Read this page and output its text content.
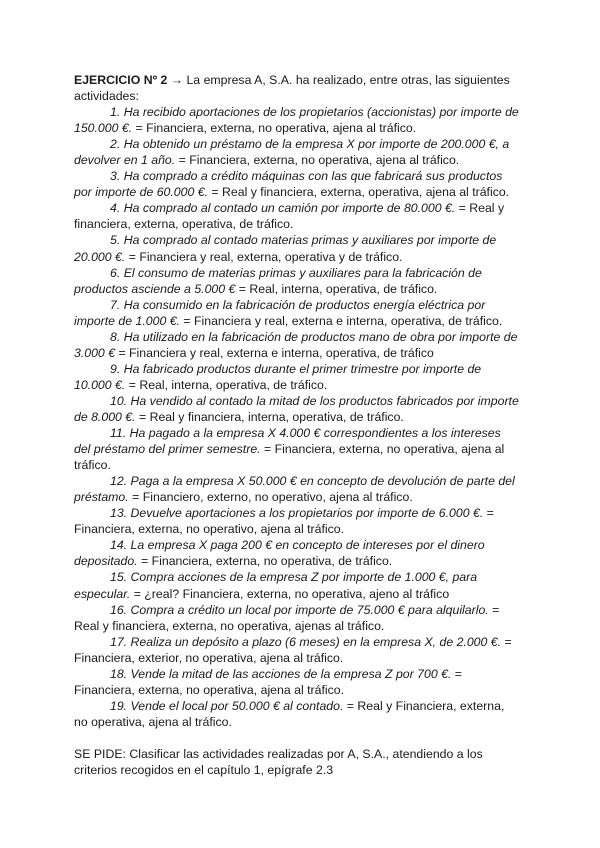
EJERCICIO Nº 2 → La empresa A, S.A. ha realizado, entre otras, las siguientes actividades:

1. Ha recibido aportaciones de los propietarios (accionistas) por importe de 150.000 €. = Financiera, externa, no operativa, ajena al tráfico.
2. Ha obtenido un préstamo de la empresa X por importe de 200.000 €, a devolver en 1 año. = Financiera, externa, no operativa, ajena al tráfico.
3. Ha comprado a crédito máquinas con las que fabricará sus productos por importe de 60.000 €. = Real y financiera, externa, operativa, ajena al tráfico.
4. Ha comprado al contado un camión por importe de 80.000 €. = Real y financiera, externa, operativa, de tráfico.
5. Ha comprado al contado materias primas y auxiliares por importe de 20.000 €. = Financiera y real, externa, operativa y de tráfico.
6. El consumo de materias primas y auxiliares para la fabricación de productos asciende a 5.000 € = Real, interna, operativa, de tráfico.
7. Ha consumido en la fabricación de productos energía eléctrica por importe de 1.000 €. = Financiera y real, externa e interna, operativa, de tráfico.
8. Ha utilizado en la fabricación de productos mano de obra por importe de 3.000 € = Financiera y real, externa e interna, operativa, de tráfico
9. Ha fabricado productos durante el primer trimestre por importe de 10.000 €. = Real, interna, operativa, de tráfico.
10. Ha vendido al contado la mitad de los productos fabricados por importe de 8.000 €. = Real y financiera, interna, operativa, de tráfico.
11. Ha pagado a la empresa X 4.000 € correspondientes a los intereses del préstamo del primer semestre. = Financiera, externa, no operativa, ajena al tráfico.
12. Paga a la empresa X 50.000 € en concepto de devolución de parte del préstamo. = Financiero, externo, no operativo, ajena al tráfico.
13. Devuelve aportaciones a los propietarios por importe de 6.000 €. = Financiera, externa, no operativo, ajena al tráfico.
14. La empresa X paga 200 € en concepto de intereses por el dinero depositado. = Financiera, externa, no operativa, de tráfico.
15. Compra acciones de la empresa Z por importe de 1.000 €, para especular. = ¿real? Financiera, externa, no operativa, ajeno al tráfico
16. Compra a crédito un local por importe de 75.000 € para alquilarlo. = Real y financiera, externa, no operativa, ajenas al tráfico.
17. Realiza un depósito a plazo (6 meses) en la empresa X, de 2.000 €. = Financiera, exterior, no operativa, ajena al tráfico.
18. Vende la mitad de las acciones de la empresa Z por 700 €. = Financiera, externa, no operativa, ajena al tráfico.
19. Vende el local por 50.000 € al contado. = Real y Financiera, externa, no operativa, ajena al tráfico.

SE PIDE: Clasificar las actividades realizadas por A, S.A., atendiendo a los criterios recogidos en el capítulo 1, epígrafe 2.3
